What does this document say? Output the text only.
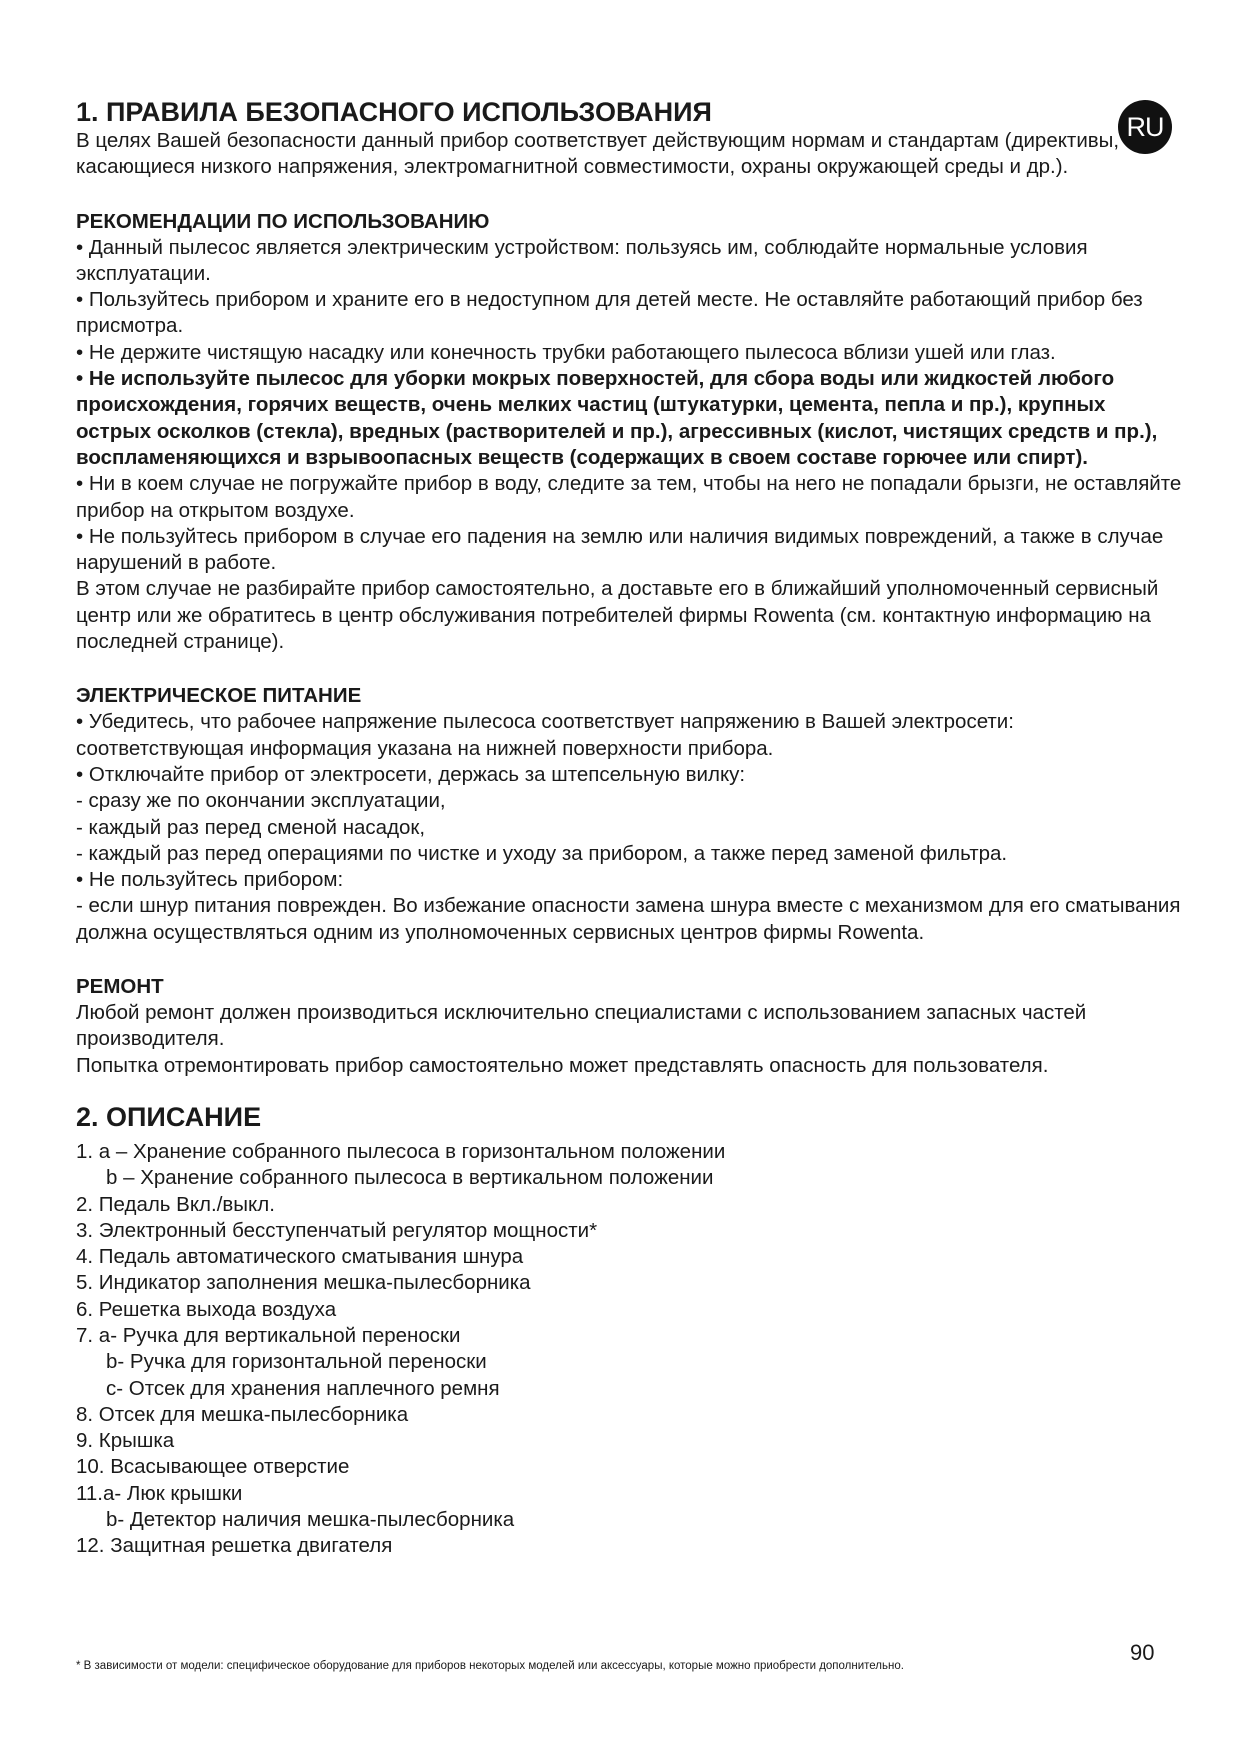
RU
1. ПРАВИЛА БЕЗОПАСНОГО ИСПОЛЬЗОВАНИЯ

В целях Вашей безопасности данный прибор соответствует действующим нормам и стандартам (директивы, касающиеся низкого напряжения, электромагнитной совместимости, охраны окружающей среды и др.).

РЕКОМЕНДАЦИИ ПО ИСПОЛЬЗОВАНИЮ

• Данный пылесос является электрическим устройством: пользуясь им, соблюдайте нормальные условия эксплуатации.

• Пользуйтесь прибором и храните его в недоступном для детей месте. Не оставляйте работающий прибор без присмотра.

• Не держите чистящую насадку или конечность трубки работающего пылесоса вблизи ушей или глаз.

• Не используйте пылесос для уборки мокрых поверхностей, для сбора воды или жидкостей любого происхождения, горячих веществ, очень мелких частиц (штукатурки, цемента, пепла и пр.), крупных острых осколков (стекла), вредных (растворителей и пр.), агрессивных (кислот, чистящих средств и пр.), воспламеняющихся и взрывоопасных веществ (содержащих в своем составе горючее или спирт).

• Ни в коем случае не погружайте прибор в воду, следите за тем, чтобы на него не попадали брызги, не оставляйте прибор на открытом воздухе.

• Не пользуйтесь прибором в случае его падения на землю или наличия видимых повреждений, а также в случае нарушений в работе.

В этом случае не разбирайте прибор самостоятельно, а доставьте его в ближайший уполномоченный сервисный центр или же обратитесь в центр обслуживания потребителей фирмы Rowenta (см. контактную информацию на последней странице).

ЭЛЕКТРИЧЕСКОЕ ПИТАНИЕ

• Убедитесь, что рабочее напряжение пылесоса соответствует напряжению в Вашей электросети: соответствующая информация указана на нижней поверхности прибора.

• Отключайте прибор от электросети, держась за штепсельную вилку:

- сразу же по окончании эксплуатации,

- каждый раз перед сменой насадок,

- каждый раз перед операциями по чистке и уходу за прибором, а также перед заменой фильтра.

• Не пользуйтесь прибором:

- если шнур питания поврежден. Во избежание опасности замена шнура вместе с механизмом для его сматывания должна осуществляться одним из уполномоченных сервисных центров фирмы Rowenta.

РЕМОНТ

Любой ремонт должен производиться исключительно специалистами с использованием запасных частей производителя.

Попытка отремонтировать прибор самостоятельно может представлять опасность для пользователя.

2. ОПИСАНИЕ
1. a – Хранение собранного пылесоса в горизонтальном положении
b – Хранение собранного пылесоса в вертикальном положении
2. Педаль Вкл./выкл.
3. Электронный бесступенчатый регулятор мощности*
4. Педаль автоматического сматывания шнура
5. Индикатор заполнения мешка-пылесборника
6. Решетка выхода воздуха
7. a- Ручка для вертикальной переноски
b- Ручка для горизонтальной переноски
c- Отсек для хранения наплечного ремня
8. Отсек для мешка-пылесборника
9. Крышка
10. Всасывающее отверстие
11.a- Люк крышки
b- Детектор наличия мешка-пылесборника
12. Защитная решетка двигателя
90
* В зависимости от модели: специфическое оборудование для приборов некоторых моделей или аксессуары, которые можно приобрести дополнительно.
